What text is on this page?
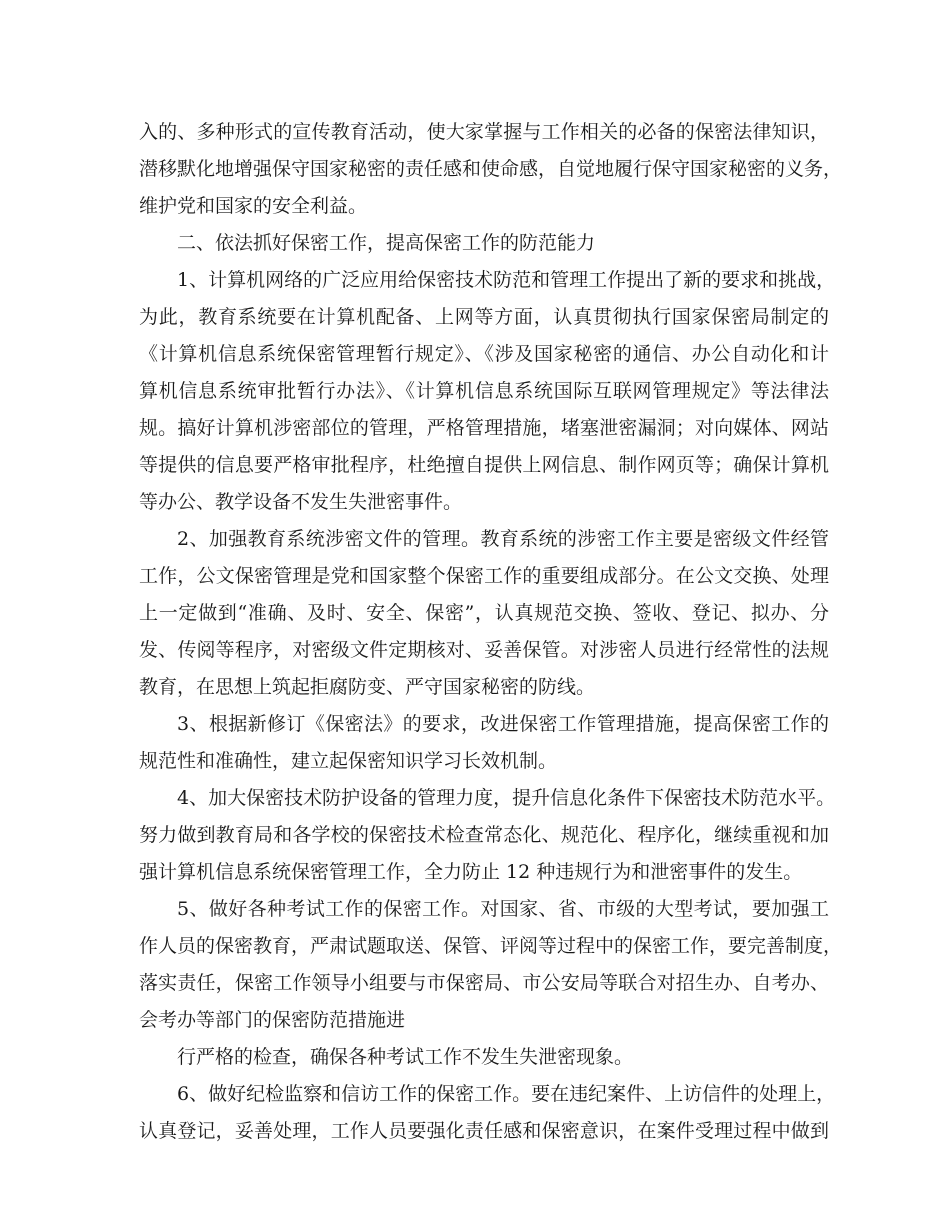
入的、多种形式的宣传教育活动，使大家掌握与工作相关的必备的保密法律知识，
潜移默化地增强保守国家秘密的责任感和使命感，自觉地履行保守国家秘密的义务，
维护党和国家的安全利益。
二、依法抓好保密工作，提高保密工作的防范能力
1、计算机网络的广泛应用给保密技术防范和管理工作提出了新的要求和挑战，
为此，教育系统要在计算机配备、上网等方面，认真贯彻执行国家保密局制定的
《计算机信息系统保密管理暂行规定》、《涉及国家秘密的通信、办公自动化和计
算机信息系统审批暂行办法》、《计算机信息系统国际互联网管理规定》等法律法
规。搞好计算机涉密部位的管理，严格管理措施，堵塞泄密漏洞；对向媒体、网站
等提供的信息要严格审批程序，杜绝擅自提供上网信息、制作网页等；确保计算机
等办公、教学设备不发生失泄密事件。
2、加强教育系统涉密文件的管理。教育系统的涉密工作主要是密级文件经管
工作，公文保密管理是党和国家整个保密工作的重要组成部分。在公文交换、处理
上一定做到“准确、及时、安全、保密”，认真规范交换、签收、登记、拟办、分
发、传阅等程序，对密级文件定期核对、妥善保管。对涉密人员进行经常性的法规
教育，在思想上筑起拒腐防变、严守国家秘密的防线。
3、根据新修订《保密法》的要求，改进保密工作管理措施，提高保密工作的
规范性和准确性，建立起保密知识学习长效机制。
4、加大保密技术防护设备的管理力度，提升信息化条件下保密技术防范水平。
努力做到教育局和各学校的保密技术检查常态化、规范化、程序化，继续重视和加
强计算机信息系统保密管理工作，全力防止 12 种违规行为和泄密事件的发生。
5、做好各种考试工作的保密工作。对国家、省、市级的大型考试，要加强工
作人员的保密教育，严肃试题取送、保管、评阅等过程中的保密工作，要完善制度，
落实责任，保密工作领导小组要与市保密局、市公安局等联合对招生办、自考办、
会考办等部门的保密防范措施进
行严格的检查，确保各种考试工作不发生失泄密现象。
6、做好纪检监察和信访工作的保密工作。要在违纪案件、上访信件的处理上，
认真登记，妥善处理，工作人员要强化责任感和保密意识，在案件受理过程中做到
